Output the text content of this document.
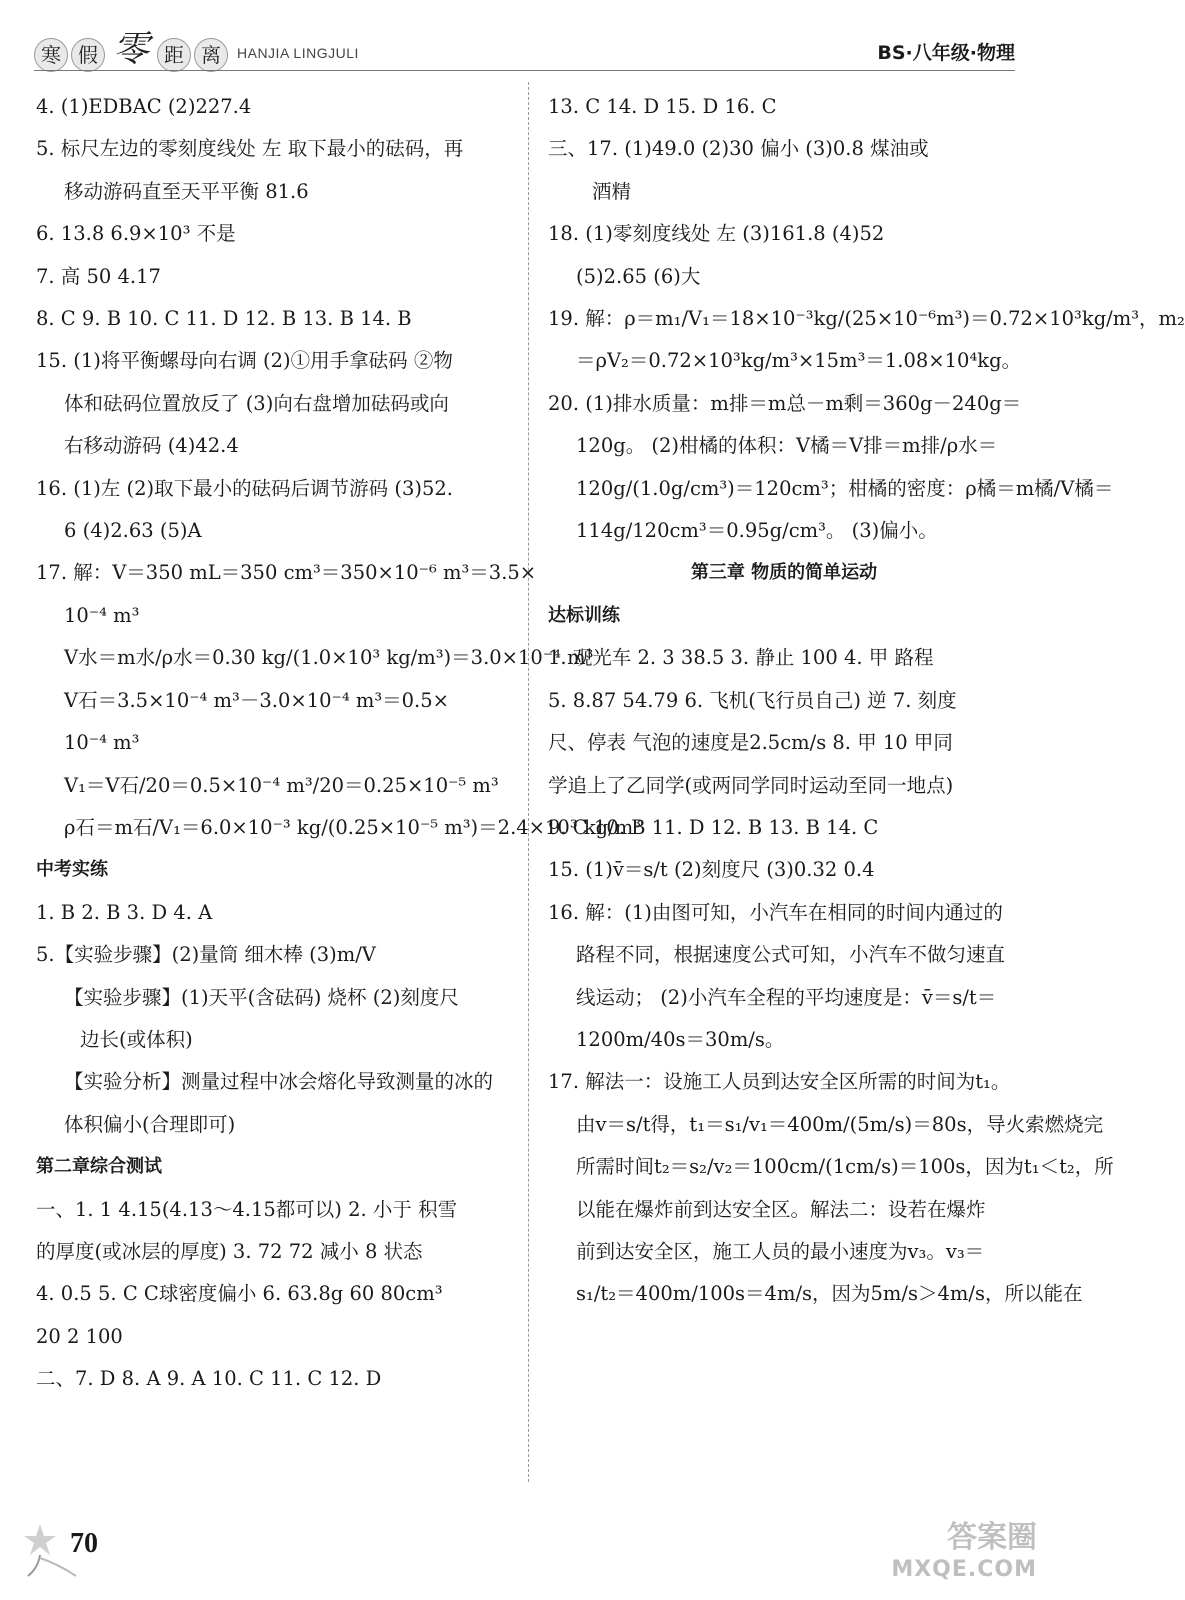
寒 假 零 距 离	HANJIA LINGJULI	BS·八年级·物理
4. (1)EDBAC (2)227.4
5. 标尺左边的零刻度线处 左 取下最小的砝码，再
移动游码直至天平平衡 81.6
6. 13.8 6.9×10³ 不是
7. 高 50 4.17
8. C 9. B 10. C 11. D 12. B 13. B 14. B
15. (1)将平衡螺母向右调 (2)①用手拿砝码 ②物
体和砝码位置放反了 (3)向右盘增加砝码或向
右移动游码 (4)42.4
16. (1)左 (2)取下最小的砝码后调节游码 (3)52.
6 (4)2.63 (5)A
17. 解：V＝350 mL＝350 cm³＝350×10⁻⁶ m³＝3.5×
10⁻⁴ m³
V水＝m水/ρ水＝0.30 kg/(1.0×10³ kg/m³)＝3.0×10⁻⁴ m³
V石＝3.5×10⁻⁴ m³－3.0×10⁻⁴ m³＝0.5×
10⁻⁴ m³
V₁＝V石/20＝0.5×10⁻⁴ m³/20＝0.25×10⁻⁵ m³
ρ石＝m石/V₁＝6.0×10⁻³ kg/(0.25×10⁻⁵ m³)＝2.4×10³ kg/m³
中考实练
1. B 2. B 3. D 4. A
5.【实验步骤】(2)量筒 细木棒 (3)m/V
【实验步骤】(1)天平(含砝码) 烧杯 (2)刻度尺
边长(或体积)
【实验分析】测量过程中冰会熔化导致测量的冰的
体积偏小(合理即可)
第二章综合测试
一、1. 1 4.15(4.13～4.15都可以) 2. 小于 积雪
的厚度(或冰层的厚度) 3. 72 72 减小 8 状态
4. 0.5 5. C C球密度偏小 6. 63.8g 60 80cm³
20 2 100
二、7. D 8. A 9. A 10. C 11. C 12. D
13. C 14. D 15. D 16. C
三、17. (1)49.0 (2)30 偏小 (3)0.8 煤油或
酒精
18. (1)零刻度线处 左 (3)161.8 (4)52
(5)2.65 (6)大
19. 解：ρ＝m₁/V₁＝18×10⁻³kg/(25×10⁻⁶m³)＝0.72×10³kg/m³，m₂
＝ρV₂＝0.72×10³kg/m³×15m³＝1.08×10⁴kg。
20. (1)排水质量：m排＝m总－m剩＝360g－240g＝
120g。 (2)柑橘的体积：V橘＝V排＝m排/ρ水＝
120g/(1.0g/cm³)＝120cm³；柑橘的密度：ρ橘＝m橘/V橘＝
114g/120cm³＝0.95g/cm³。 (3)偏小。
第三章 物质的简单运动
达标训练
1. 观光车 2. 3 38.5 3. 静止 100 4. 甲 路程
5. 8.87 54.79 6. 飞机(飞行员自己) 逆 7. 刻度
尺、停表 气泡的速度是2.5cm/s 8. 甲 10 甲同
学追上了乙同学(或两同学同时运动至同一地点)
9. C 10. B 11. D 12. B 13. B 14. C
15. (1)v̄＝s/t (2)刻度尺 (3)0.32 0.4
16. 解：(1)由图可知，小汽车在相同的时间内通过的
路程不同，根据速度公式可知，小汽车不做匀速直
线运动； (2)小汽车全程的平均速度是：v̄＝s/t＝
1200m/40s＝30m/s。
17. 解法一：设施工人员到达安全区所需的时间为t₁。
由v＝s/t得，t₁＝s₁/v₁＝400m/(5m/s)＝80s，导火索燃烧完
所需时间t₂＝s₂/v₂＝100cm/(1cm/s)＝100s，因为t₁＜t₂，所
以能在爆炸前到达安全区。解法二：设若在爆炸
前到达安全区，施工人员的最小速度为v₃。v₃＝
s₁/t₂＝400m/100s＝4m/s，因为5m/s＞4m/s，所以能在
70	答案圈
MXQE.COM
